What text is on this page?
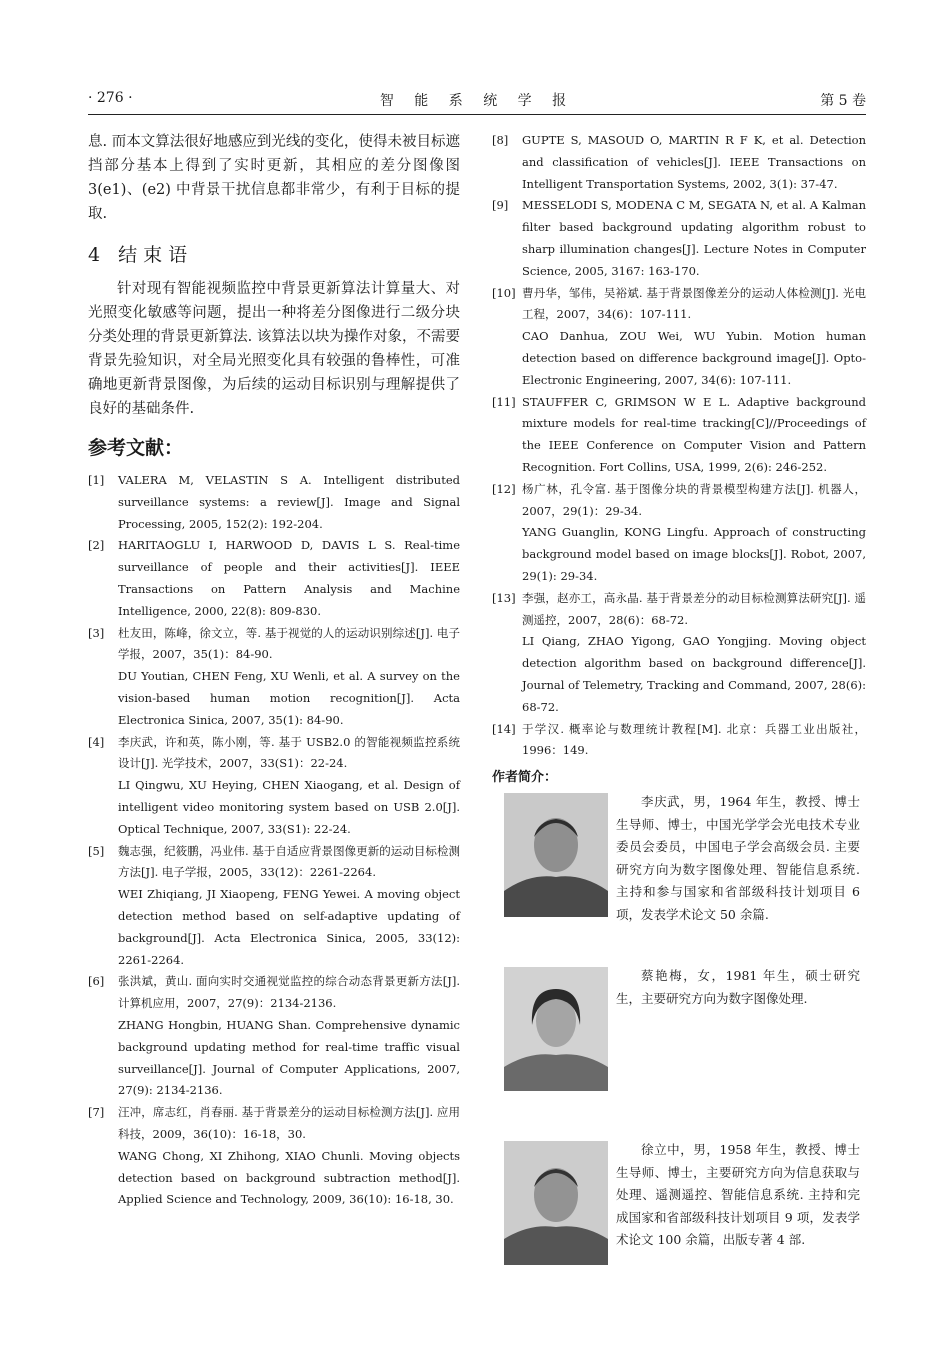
· 276 ·	智 能 系 统 学 报	第 5 卷

息. 而本文算法很好地感应到光线的变化，使得未被目标遮挡部分基本上得到了实时更新，其相应的差分图像图 3(e1)、(e2) 中背景干扰信息都非常少，有利于目标的提取.

4 结束语

针对现有智能视频监控中背景更新算法计算量大、对光照变化敏感等问题，提出一种将差分图像进行二级分块分类处理的背景更新算法. 该算法以块为操作对象，不需要背景先验知识，对全局光照变化具有较强的鲁棒性，可准确地更新背景图像，为后续的运动目标识别与理解提供了良好的基础条件.

参考文献：
[1] VALERA M, VELASTIN S A. Intelligent distributed surveillance systems: a review[J]. Image and Signal Processing, 2005, 152(2): 192-204.
[2] HARITAOGLU I, HARWOOD D, DAVIS L S. Real-time surveillance of people and their activities[J]. IEEE Transactions on Pattern Analysis and Machine Intelligence, 2000, 22(8): 809-830.
[3] 杜友田，陈峰，徐文立，等. 基于视觉的人的运动识别综述[J]. 电子学报，2007，35(1)：84-90.
DU Youtian, CHEN Feng, XU Wenli, et al. A survey on the vision-based human motion recognition[J]. Acta Electronica Sinica, 2007, 35(1): 84-90.
[4] 李庆武，许和英，陈小刚，等. 基于 USB2.0 的智能视频监控系统设计[J]. 光学技术，2007，33(S1)：22-24.
LI Qingwu, XU Heying, CHEN Xiaogang, et al. Design of intelligent video monitoring system based on USB 2.0[J]. Optical Technique, 2007, 33(S1): 22-24.
[5] 魏志强，纪筱鹏，冯业伟. 基于自适应背景图像更新的运动目标检测方法[J]. 电子学报，2005，33(12)：2261-2264.
WEI Zhiqiang, JI Xiaopeng, FENG Yewei. A moving object detection method based on self-adaptive updating of background[J]. Acta Electronica Sinica, 2005, 33(12): 2261-2264.
[6] 张洪斌，黄山. 面向实时交通视觉监控的综合动态背景更新方法[J]. 计算机应用，2007，27(9)：2134-2136.
ZHANG Hongbin, HUANG Shan. Comprehensive dynamic background updating method for real-time traffic visual surveillance[J]. Journal of Computer Applications, 2007, 27(9): 2134-2136.
[7] 汪冲，席志红，肖春丽. 基于背景差分的运动目标检测方法[J]. 应用科技，2009，36(10)：16-18，30.
WANG Chong, XI Zhihong, XIAO Chunli. Moving objects detection based on background subtraction method[J]. Applied Science and Technology, 2009, 36(10): 16-18, 30.
[8] GUPTE S, MASOUD O, MARTIN R F K, et al. Detection and classification of vehicles[J]. IEEE Transactions on Intelligent Transportation Systems, 2002, 3(1): 37-47.
[9] MESSELODI S, MODENA C M, SEGATA N, et al. A Kalman filter based background updating algorithm robust to sharp illumination changes[J]. Lecture Notes in Computer Science, 2005, 3167: 163-170.
[10] 曹丹华，邹伟，吴裕斌. 基于背景图像差分的运动人体检测[J]. 光电工程，2007，34(6)：107-111.
CAO Danhua, ZOU Wei, WU Yubin. Motion human detection based on difference background image[J]. Opto-Electronic Engineering, 2007, 34(6): 107-111.
[11] STAUFFER C, GRIMSON W E L. Adaptive background mixture models for real-time tracking[C]//Proceedings of the IEEE Conference on Computer Vision and Pattern Recognition. Fort Collins, USA, 1999, 2(6): 246-252.
[12] 杨广林，孔令富. 基于图像分块的背景模型构建方法[J]. 机器人，2007，29(1)：29-34.
YANG Guanglin, KONG Lingfu. Approach of constructing background model based on image blocks[J]. Robot, 2007, 29(1): 29-34.
[13] 李强，赵亦工，高永晶. 基于背景差分的动目标检测算法研究[J]. 遥测遥控，2007，28(6)：68-72.
LI Qiang, ZHAO Yigong, GAO Yongjing. Moving object detection algorithm based on background difference[J]. Journal of Telemetry, Tracking and Command, 2007, 28(6): 68-72.
[14] 于学汉. 概率论与数理统计教程[M]. 北京：兵器工业出版社，1996：149.
作者简介：
李庆武，男，1964 年生，教授、博士生导师、博士，中国光学学会光电技术专业委员会委员，中国电子学会高级会员. 主要研究方向为数字图像处理、智能信息系统. 主持和参与国家和省部级科技计划项目 6 项，发表学术论文 50 余篇.
蔡艳梅，女，1981 年生，硕士研究生，主要研究方向为数字图像处理.
徐立中，男，1958 年生，教授、博士生导师、博士，主要研究方向为信息获取与处理、遥测遥控、智能信息系统. 主持和完成国家和省部级科技计划项目 9 项，发表学术论文 100 余篇，出版专著 4 部.
